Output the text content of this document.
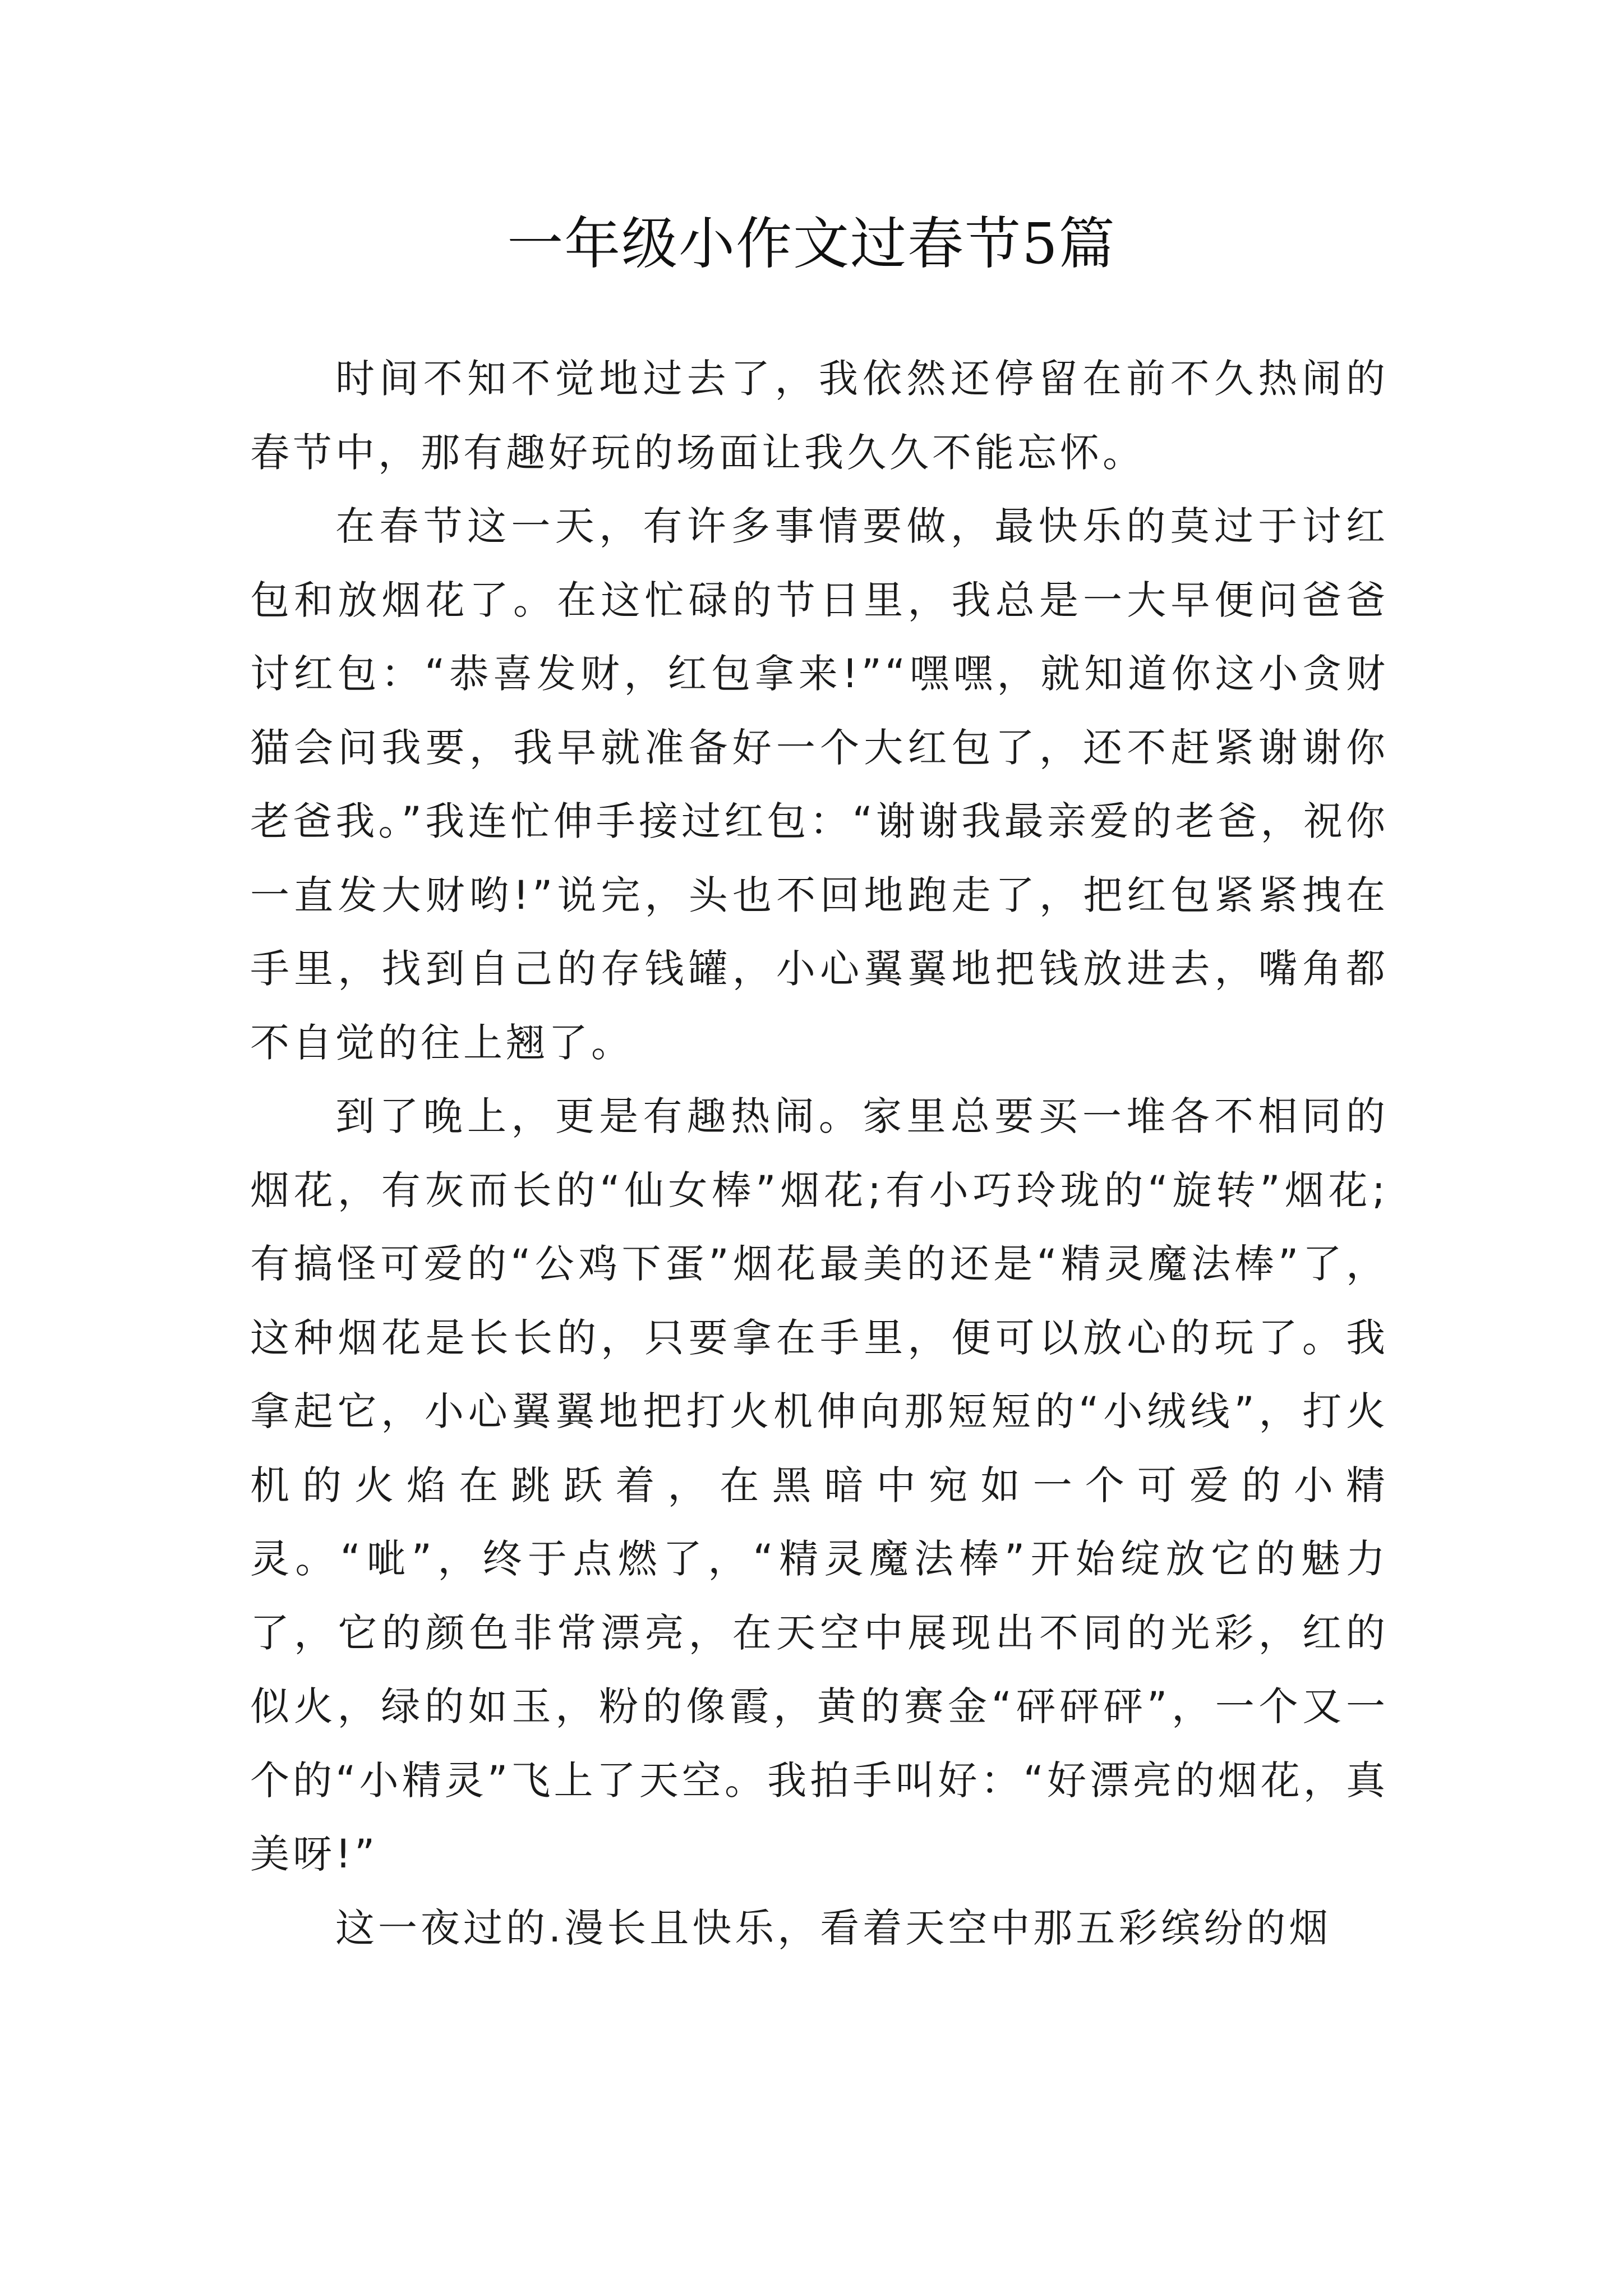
一年级小作文过春节5篇

时间不知不觉地过去了，我依然还停留在前不久热闹的春节中，那有趣好玩的场面让我久久不能忘怀。

在春节这一天，有许多事情要做，最快乐的莫过于讨红包和放烟花了。在这忙碌的节日里，我总是一大早便问爸爸讨红包：“恭喜发财，红包拿来!”“嘿嘿，就知道你这小贪财猫会问我要，我早就准备好一个大红包了，还不赶紧谢谢你老爸我。”我连忙伸手接过红包：“谢谢我最亲爱的老爸，祝你一直发大财哟!”说完，头也不回地跑走了，把红包紧紧拽在手里，找到自己的存钱罐，小心翼翼地把钱放进去，嘴角都不自觉的往上翘了。

到了晚上，更是有趣热闹。家里总要买一堆各不相同的烟花，有灰而长的“仙女棒”烟花;有小巧玲珑的“旋转”烟花;有搞怪可爱的“公鸡下蛋”烟花最美的还是“精灵魔法棒”了，这种烟花是长长的，只要拿在手里，便可以放心的玩了。我拿起它，小心翼翼地把打火机伸向那短短的“小绒线”，打火机的火焰在跳跃着，在黑暗中宛如一个可爱的小精灵。“呲”，终于点燃了，“精灵魔法棒”开始绽放它的魅力了，它的颜色非常漂亮，在天空中展现出不同的光彩，红的似火，绿的如玉，粉的像霞，黄的赛金“砰砰砰”，一个又一个的“小精灵”飞上了天空。我拍手叫好：“好漂亮的烟花，真美呀!”

这一夜过的.漫长且快乐，看着天空中那五彩缤纷的烟
